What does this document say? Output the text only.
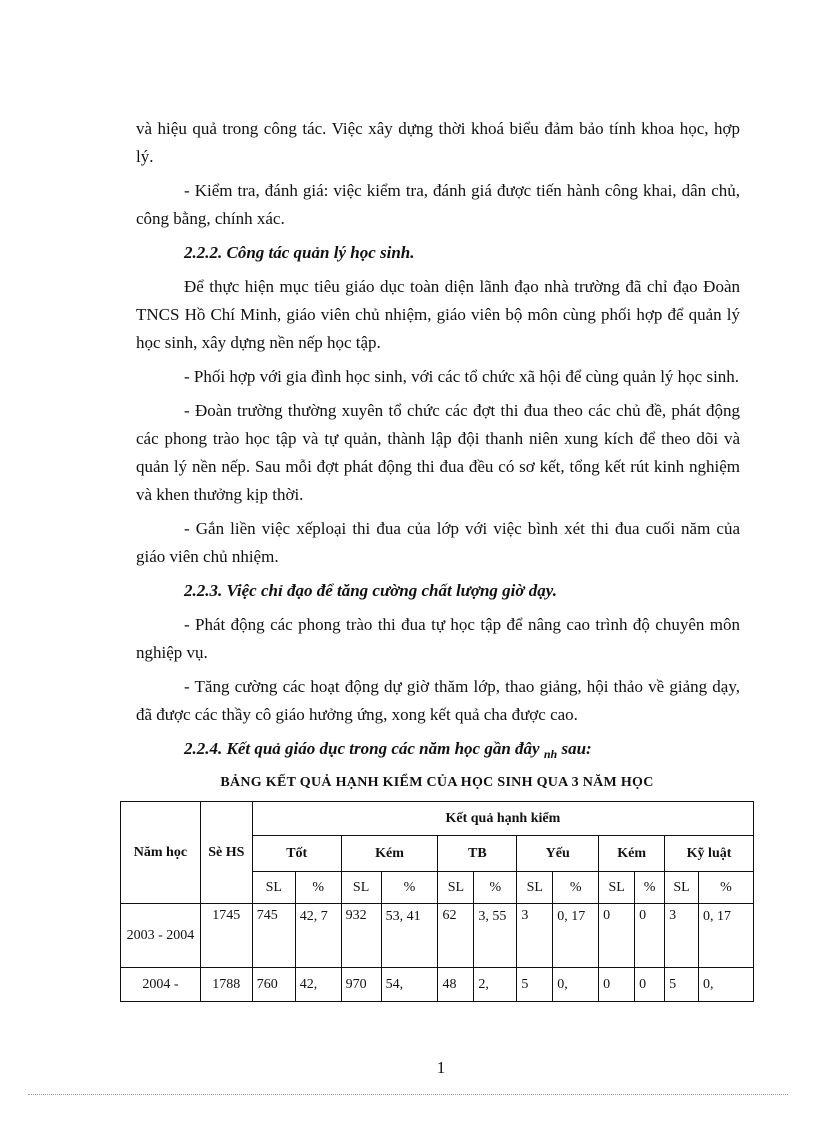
và hiệu quả trong công tác. Việc xây dựng thời khoá biểu đảm bảo tính khoa học, hợp lý.

- Kiểm tra, đánh giá: việc kiểm tra, đánh giá được tiến hành công khai, dân chủ, công bằng, chính xác.

2.2.2. Công tác quản lý học sinh.

Để thực hiện mục tiêu giáo dục toàn diện lãnh đạo nhà trường đã chỉ đạo Đoàn TNCS Hồ Chí Minh, giáo viên chủ nhiệm, giáo viên bộ môn cùng phối hợp để quản lý học sinh, xây dựng nền nếp học tập.

- Phối hợp với gia đình học sinh, với các tổ chức xã hội để cùng quản lý học sinh.

- Đoàn trường thường xuyên tổ chức các đợt thi đua theo các chủ đề, phát động các phong trào học tập và tự quản, thành lập đội thanh niên xung kích để theo dõi và quản lý nền nếp. Sau mỗi đợt phát động thi đua đều có sơ kết, tổng kết rút kinh nghiệm và khen thưởng kịp thời.

- Gắn liền việc xếploại thi đua của lớp với việc bình xét thi đua cuối năm của giáo viên chủ nhiệm.

2.2.3. Việc chỉ đạo để tăng cường chất lượng giờ dạy.

- Phát động các phong trào thi đua tự học tập để nâng cao trình độ chuyên môn nghiệp vụ.

- Tăng cường các hoạt động dự giờ thăm lớp, thao giảng, hội thảo về giảng dạy, đã được các thầy cô giáo hưởng ứng, xong kết quả cha được cao.

2.2.4. Kết quả giáo dục trong các năm học gần đây $_{nh}$ sau:

BẢNG KẾT QUẢ HẠNH KIỂM CỦA HỌC SINH QUA 3 NĂM HỌC
Năm học	Sè HS	Kết quả hạnh kiểm											
		Tốt		Kém		TB		Yếu		Kém		Kỹ luật	
		SL	%	SL	%	SL	%	SL	%	SL	%	SL	%
2003 - 2004	1745	745	42, 7	932	53, 41	62	3, 55	3	0, 17	0	0	3	0, 17
2004 -	1788	760	42,	970	54,	48	2,	5	0,	0	0	5	0,
1
